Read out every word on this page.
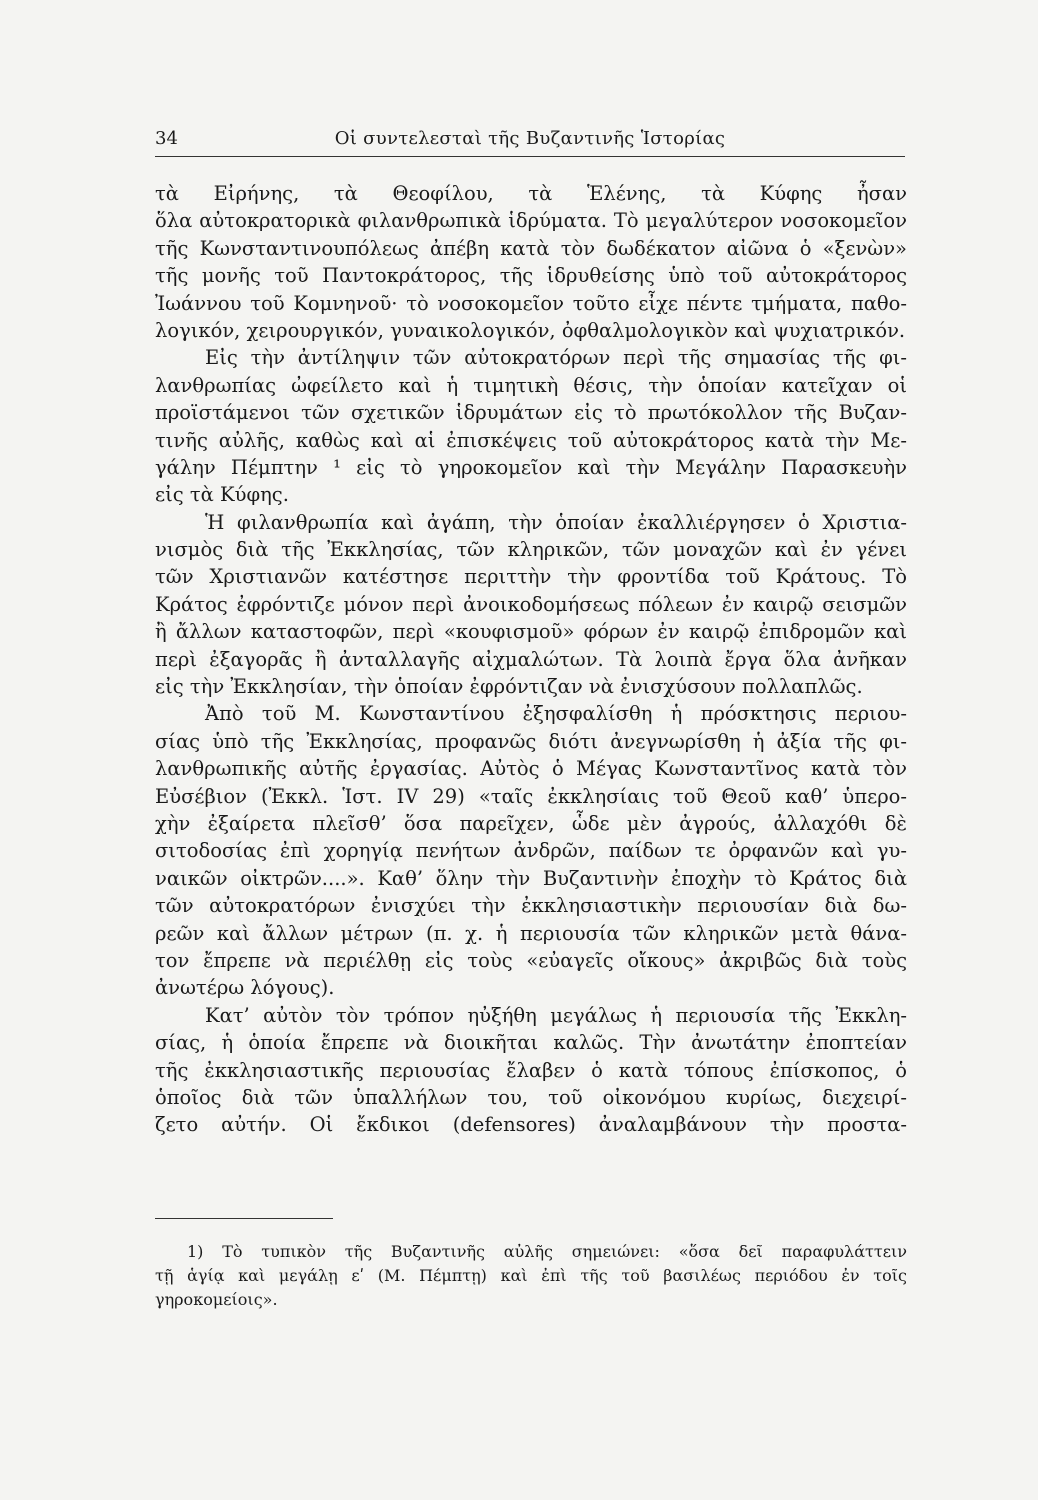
34	Οἱ συντελεσταὶ τῆς Βυζαντινῆς Ἱστορίας
τὰ Εἰρήνης, τὰ Θεοφίλου, τὰ Ἑλένης, τὰ Κύφης ἦσαν
ὅλα αὐτοκρατορικὰ φιλανθρωπικὰ ἱδρύματα. Τὸ μεγαλύτερον νοσοκομεῖον
τῆς Κωνσταντινουπόλεως ἀπέβη κατὰ τὸν δωδέκατον αἰῶνα ὁ «ξενὼν»
τῆς μονῆς τοῦ Παντοκράτορος, τῆς ἱδρυθείσης ὑπὸ τοῦ αὐτοκράτορος
Ἰωάννου τοῦ Κομνηνοῦ· τὸ νοσοκομεῖον τοῦτο εἶχε πέντε τμήματα, παθο-
λογικόν, χειρουργικόν, γυναικολογικόν, ὀφθαλμολογικὸν καὶ ψυχιατρικόν.
Εἰς τὴν ἀντίληψιν τῶν αὐτοκρατόρων περὶ τῆς σημασίας τῆς φι-
λανθρωπίας ὠφείλετο καὶ ἡ τιμητικὴ θέσις, τὴν ὁποίαν κατεῖχαν οἱ
προϊστάμενοι τῶν σχετικῶν ἱδρυμάτων εἰς τὸ πρωτόκολλον τῆς Βυζαν-
τινῆς αὐλῆς, καθὼς καὶ αἱ ἐπισκέψεις τοῦ αὐτοκράτορος κατὰ τὴν Με-
γάλην Πέμπτην ¹ εἰς τὸ γηροκομεῖον καὶ τὴν Μεγάλην Παρασκευὴν
εἰς τὰ Κύφης.
Ἡ φιλανθρωπία καὶ ἀγάπη, τὴν ὁποίαν ἐκαλλιέργησεν ὁ Χριστια-
νισμὸς διὰ τῆς Ἐκκλησίας, τῶν κληρικῶν, τῶν μοναχῶν καὶ ἐν γένει
τῶν Χριστιανῶν κατέστησε περιττὴν τὴν φροντίδα τοῦ Κράτους. Τὸ
Κράτος ἐφρόντιζε μόνον περὶ ἀνοικοδομήσεως πόλεων ἐν καιρῷ σεισμῶν
ἢ ἄλλων καταστοφῶν, περὶ «κουφισμοῦ» φόρων ἐν καιρῷ ἐπιδρομῶν καὶ
περὶ ἐξαγορᾶς ἢ ἀνταλλαγῆς αἰχμαλώτων. Τὰ λοιπὰ ἔργα ὅλα ἀνῆκαν
εἰς τὴν Ἐκκλησίαν, τὴν ὁποίαν ἐφρόντιζαν νὰ ἐνισχύσουν πολλαπλῶς.
Ἀπὸ τοῦ Μ. Κωνσταντίνου ἐξησφαλίσθη ἡ πρόσκτησις περιου-
σίας ὑπὸ τῆς Ἐκκλησίας, προφανῶς διότι ἀνεγνωρίσθη ἡ ἀξία τῆς φι-
λανθρωπικῆς αὐτῆς ἐργασίας. Αὐτὸς ὁ Μέγας Κωνσταντῖνος κατὰ τὸν
Εὐσέβιον (Ἐκκλ. Ἱστ. IV 29) «ταῖς ἐκκλησίαις τοῦ Θεοῦ καθ’ ὑπερο-
χὴν ἐξαίρετα πλεῖσθ’ ὅσα παρεῖχεν, ὧδε μὲν ἀγρούς, ἀλλαχόθι δὲ
σιτοδοσίας ἐπὶ χορηγίᾳ πενήτων ἀνδρῶν, παίδων τε ὀρφανῶν καὶ γυ-
ναικῶν οἰκτρῶν....». Καθ’ ὅλην τὴν Βυζαντινὴν ἐποχὴν τὸ Κράτος διὰ
τῶν αὐτοκρατόρων ἐνισχύει τὴν ἐκκλησιαστικὴν περιουσίαν διὰ δω-
ρεῶν καὶ ἄλλων μέτρων (π. χ. ἡ περιουσία τῶν κληρικῶν μετὰ θάνα-
τον ἔπρεπε νὰ περιέλθῃ εἰς τοὺς «εὐαγεῖς οἴκους» ἀκριβῶς διὰ τοὺς
ἀνωτέρω λόγους).
Κατ’ αὐτὸν τὸν τρόπον ηὐξήθη μεγάλως ἡ περιουσία τῆς Ἐκκλη-
σίας, ἡ ὁποία ἔπρεπε νὰ διοικῆται καλῶς. Τὴν ἀνωτάτην ἐποπτείαν
τῆς ἐκκλησιαστικῆς περιουσίας ἔλαβεν ὁ κατὰ τόπους ἐπίσκοπος, ὁ
ὁποῖος διὰ τῶν ὑπαλλήλων του, τοῦ οἰκονόμου κυρίως, διεχειρί-
ζετο αὐτήν. Οἱ ἔκδικοι (defensores) ἀναλαμβάνουν τὴν προστα-
1) Τὸ τυπικὸν τῆς Βυζαντινῆς αὐλῆς σημειώνει: «ὅσα δεῖ παραφυλάττειν
τῇ ἁγίᾳ καὶ μεγάλῃ εʹ (Μ. Πέμπτῃ) καὶ ἐπὶ τῆς τοῦ βασιλέως περιόδου ἐν τοῖς
γηροκομείοις».
